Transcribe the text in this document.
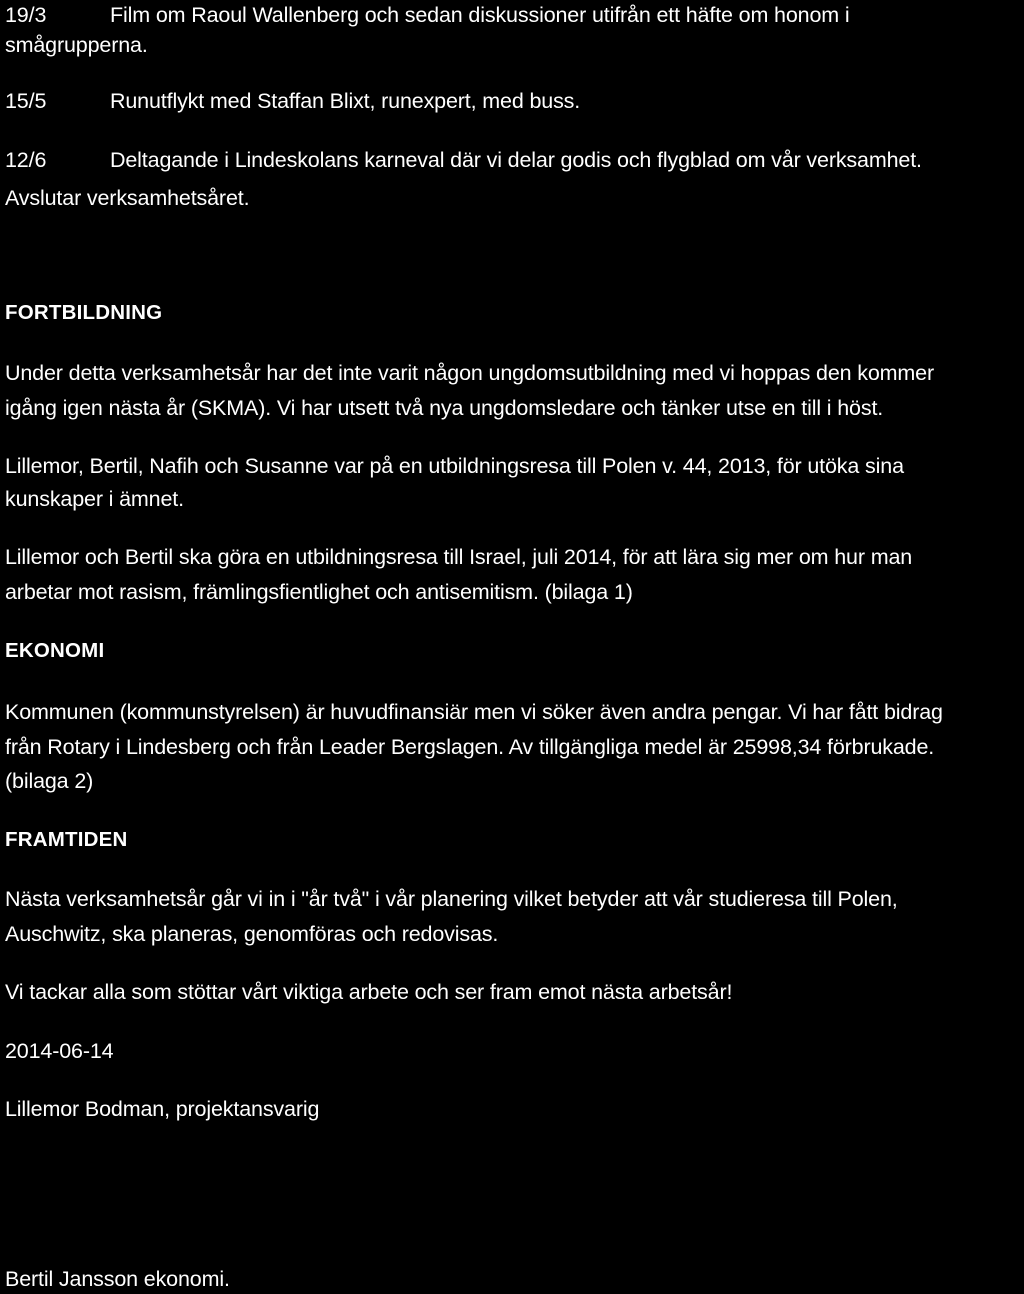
19/3	Film om Raoul Wallenberg och sedan diskussioner utifrån ett häfte om honom i
smågrupperna.
15/5	Runutflykt med Staffan Blixt, runexpert, med buss.
12/6	Deltagande i Lindeskolans karneval där vi delar godis och flygblad om vår verksamhet.
Avslutar verksamhetsåret.
FORTBILDNING
Under detta verksamhetsår har det inte varit någon ungdomsutbildning med vi hoppas den kommer
igång igen nästa år (SKMA). Vi har utsett två nya ungdomsledare och tänker utse en till i höst.
Lillemor, Bertil, Nafih och Susanne var på en utbildningsresa till Polen v. 44, 2013, för utöka sina
kunskaper i ämnet.
Lillemor och Bertil ska göra en utbildningsresa till Israel, juli 2014, för att lära sig mer om hur man
arbetar mot rasism, främlingsfientlighet och antisemitism. (bilaga 1)
EKONOMI
Kommunen (kommunstyrelsen) är huvudfinansiär men vi söker även andra pengar. Vi har fått bidrag
från Rotary i Lindesberg och från Leader Bergslagen. Av tillgängliga medel är 25998,34 förbrukade.
(bilaga 2)
FRAMTIDEN
Nästa verksamhetsår går vi in i "år två" i vår planering vilket betyder att vår studieresa till Polen,
Auschwitz, ska planeras, genomföras och redovisas.
Vi tackar alla som stöttar vårt viktiga arbete och ser fram emot nästa arbetsår!
2014-06-14
Lillemor Bodman, projektansvarig
Bertil Jansson ekonomi.
